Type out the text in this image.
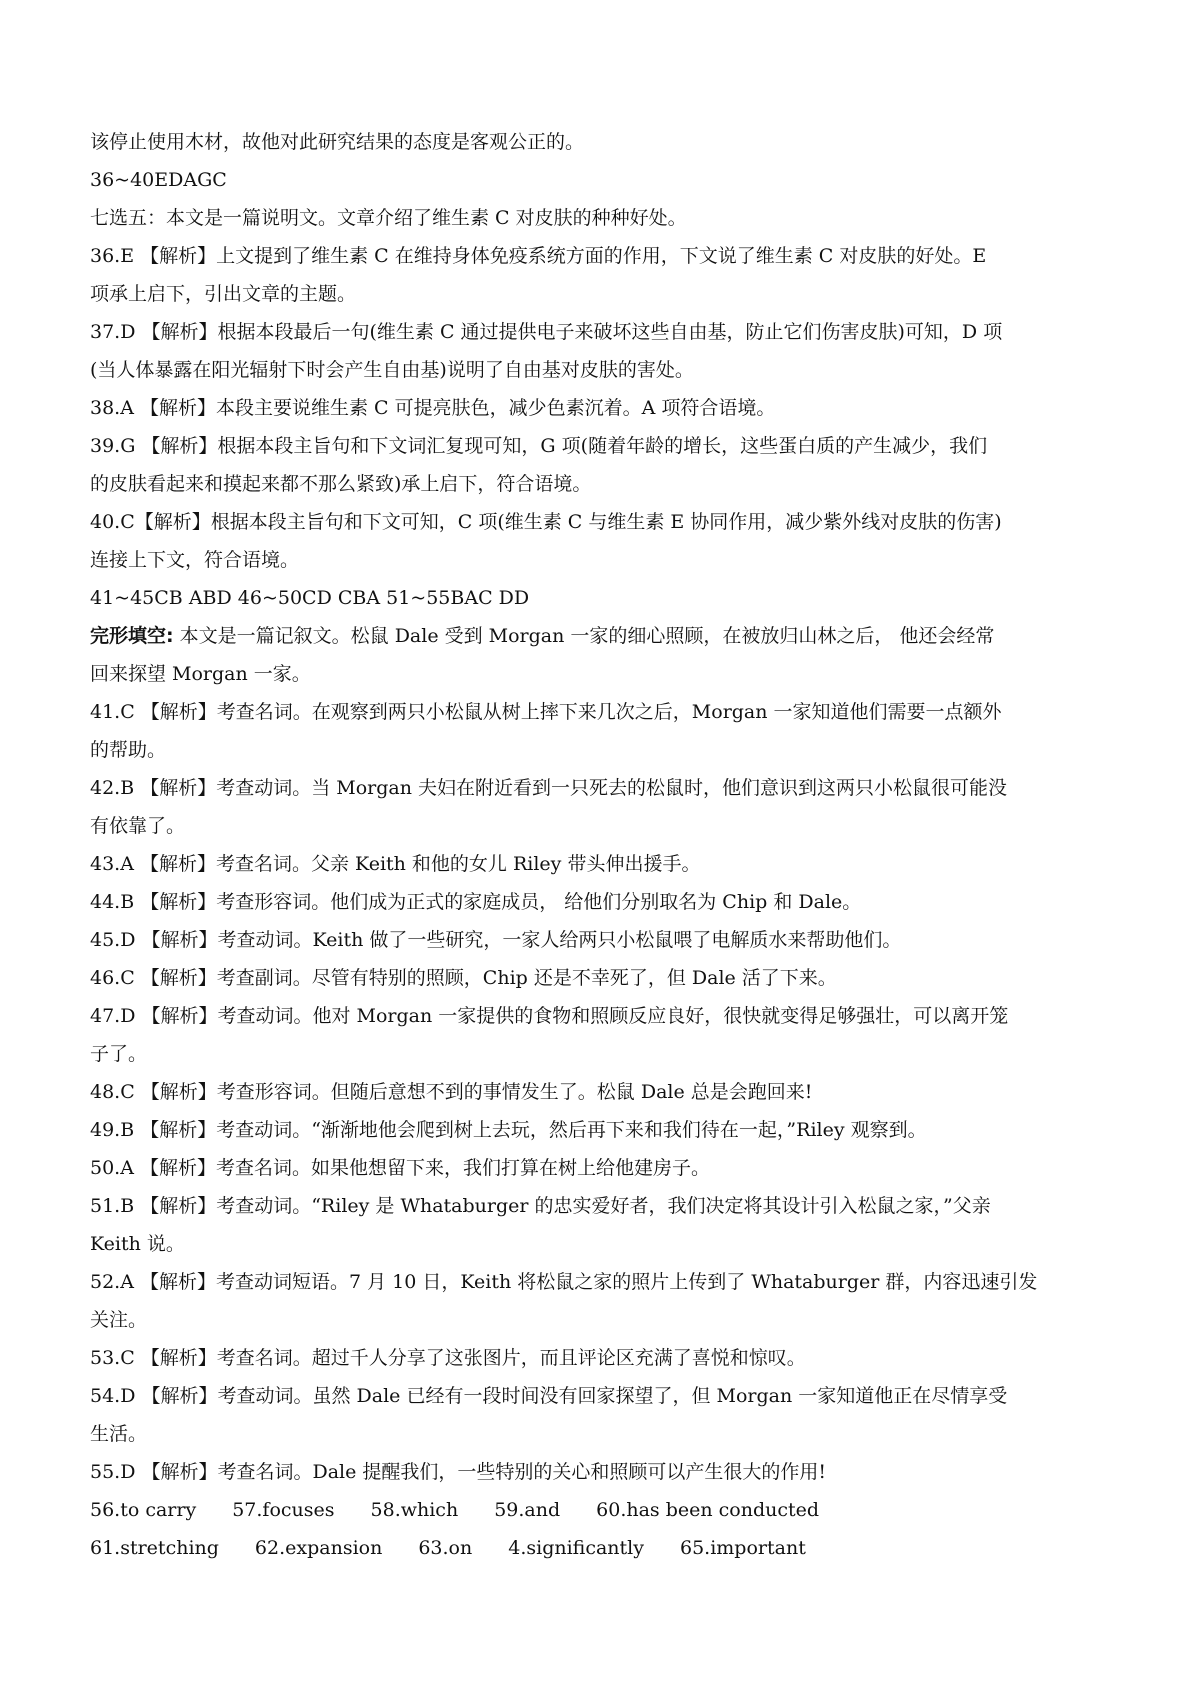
该停止使用木材，故他对此研究结果的态度是客观公正的。
36~40EDAGC
七选五：本文是一篇说明文。文章介绍了维生素 C 对皮肤的种种好处。
36.E 【解析】上文提到了维生素 C 在维持身体免疫系统方面的作用，下文说了维生素 C 对皮肤的好处。E
项承上启下，引出文章的主题。
37.D 【解析】根据本段最后一句(维生素 C 通过提供电子来破坏这些自由基，防止它们伤害皮肤)可知，D 项
(当人体暴露在阳光辐射下时会产生自由基)说明了自由基对皮肤的害处。
38.A 【解析】本段主要说维生素 C 可提亮肤色，减少色素沉着。A 项符合语境。
39.G 【解析】根据本段主旨句和下文词汇复现可知，G 项(随着年龄的增长，这些蛋白质的产生减少，我们
的皮肤看起来和摸起来都不那么紧致)承上启下，符合语境。
40.C【解析】根据本段主旨句和下文可知，C 项(维生素 C 与维生素 E 协同作用，减少紫外线对皮肤的伤害)
连接上下文，符合语境。
41~45CB ABD 46~50CD CBA 51~55BAC DD
完形填空: 本文是一篇记叙文。松鼠 Dale 受到 Morgan 一家的细心照顾，在被放归山林之后， 他还会经常
回来探望 Morgan 一家。
41.C 【解析】考查名词。在观察到两只小松鼠从树上摔下来几次之后，Morgan 一家知道他们需要一点额外
的帮助。
42.B 【解析】考查动词。当 Morgan 夫妇在附近看到一只死去的松鼠时，他们意识到这两只小松鼠很可能没
有依靠了。
43.A 【解析】考查名词。父亲 Keith 和他的女儿 Riley 带头伸出援手。
44.B 【解析】考查形容词。他们成为正式的家庭成员， 给他们分别取名为 Chip 和 Dale。
45.D 【解析】考查动词。Keith 做了一些研究，一家人给两只小松鼠喂了电解质水来帮助他们。
46.C 【解析】考查副词。尽管有特别的照顾，Chip 还是不幸死了，但 Dale 活了下来。
47.D 【解析】考查动词。他对 Morgan 一家提供的食物和照顾反应良好，很快就变得足够强壮，可以离开笼
子了。
48.C 【解析】考查形容词。但随后意想不到的事情发生了。松鼠 Dale 总是会跑回来!
49.B 【解析】考查动词。“渐渐地他会爬到树上去玩，然后再下来和我们待在一起，”Riley 观察到。
50.A 【解析】考查名词。如果他想留下来，我们打算在树上给他建房子。
51.B 【解析】考查动词。“Riley 是 Whataburger 的忠实爱好者，我们决定将其设计引入松鼠之家，”父亲
Keith 说。
52.A 【解析】考查动词短语。7 月 10 日，Keith 将松鼠之家的照片上传到了 Whataburger 群，内容迅速引发
关注。
53.C 【解析】考查名词。超过千人分享了这张图片，而且评论区充满了喜悦和惊叹。
54.D 【解析】考查动词。虽然 Dale 已经有一段时间没有回家探望了，但 Morgan 一家知道他正在尽情享受
生活。
55.D 【解析】考查名词。Dale 提醒我们，一些特别的关心和照顾可以产生很大的作用!
56.to carry 57.focuses 58.which 59.and 60.has been conducted
61.stretching 62.expansion 63.on 4.significantly 65.important
